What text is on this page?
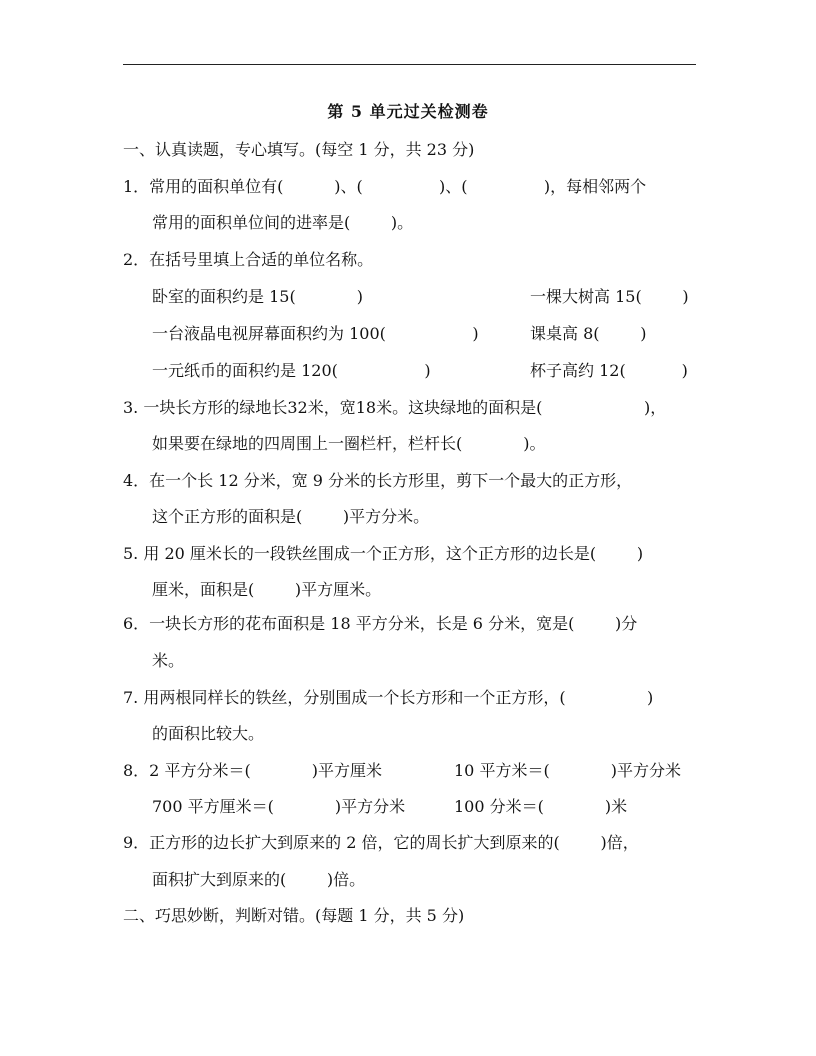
第 5 单元过关检测卷
一、认真读题，专心填写。(每空 1 分，共 23 分)
1．常用的面积单位有(          )、(               )、(               )，每相邻两个
常用的面积单位间的进率是(        )。
2．在括号里填上合适的单位名称。
卧室的面积约是 15(            )	一棵大树高 15(        )
一台液晶电视屏幕面积约为 100(                 )	课桌高 8(        )
一元纸币的面积约是 120(                 )	杯子高约 12(           )
3. 一块长方形的绿地长32米，宽18米。这块绿地的面积是(                    )，
如果要在绿地的四周围上一圈栏杆，栏杆长(            )。
4．在一个长 12 分米，宽 9 分米的长方形里，剪下一个最大的正方形，
这个正方形的面积是(        )平方分米。
5. 用 20 厘米长的一段铁丝围成一个正方形，这个正方形的边长是(        )
厘米，面积是(        )平方厘米。
6．一块长方形的花布面积是 18 平方分米，长是 6 分米，宽是(        )分
米。
7. 用两根同样长的铁丝，分别围成一个长方形和一个正方形，(                )
的面积比较大。
8．2 平方分米＝(            )平方厘米	10 平方米＝(            )平方分米
700 平方厘米＝(            )平方分米	100 分米＝(            )米
9．正方形的边长扩大到原来的 2 倍，它的周长扩大到原来的(        )倍，
面积扩大到原来的(        )倍。
二、巧思妙断，判断对错。(每题 1 分，共 5 分)
